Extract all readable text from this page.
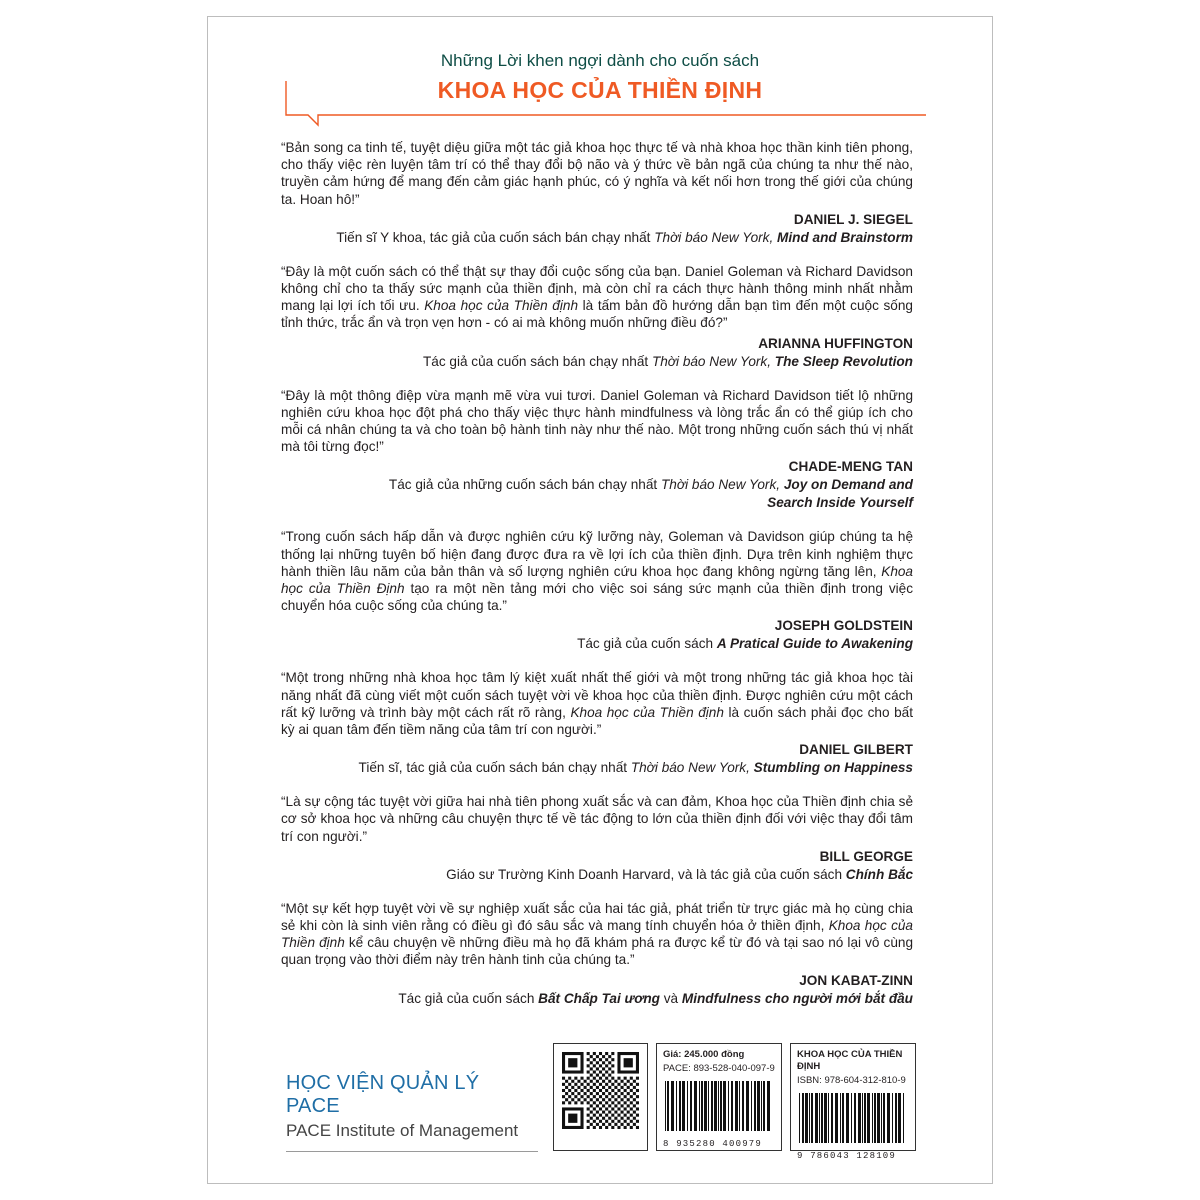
Những Lời khen ngợi dành cho cuốn sách
KHOA HỌC CỦA THIỀN ĐỊNH

“Bản song ca tinh tế, tuyệt diệu giữa một tác giả khoa học thực tế và nhà khoa học thần kinh tiên phong, cho thấy việc rèn luyện tâm trí có thể thay đổi bộ não và ý thức về bản ngã của chúng ta như thế nào, truyền cảm hứng để mang đến cảm giác hạnh phúc, có ý nghĩa và kết nối hơn trong thế giới của chúng ta. Hoan hô!”

DANIEL J. SIEGEL
Tiến sĩ Y khoa, tác giả của cuốn sách bán chạy nhất Thời báo New York, Mind and Brainstorm

“Đây là một cuốn sách có thể thật sự thay đổi cuộc sống của bạn. Daniel Goleman và Richard Davidson không chỉ cho ta thấy sức mạnh của thiền định, mà còn chỉ ra cách thực hành thông minh nhất nhằm mang lại lợi ích tối ưu. Khoa học của Thiền định là tấm bản đồ hướng dẫn bạn tìm đến một cuộc sống tỉnh thức, trắc ẩn và trọn vẹn hơn - có ai mà không muốn những điều đó?”

ARIANNA HUFFINGTON
Tác giả của cuốn sách bán chạy nhất Thời báo New York, The Sleep Revolution

“Đây là một thông điệp vừa mạnh mẽ vừa vui tươi. Daniel Goleman và Richard Davidson tiết lộ những nghiên cứu khoa học đột phá cho thấy việc thực hành mindfulness và lòng trắc ẩn có thể giúp ích cho mỗi cá nhân chúng ta và cho toàn bộ hành tinh này như thế nào. Một trong những cuốn sách thú vị nhất mà tôi từng đọc!”

CHADE-MENG TAN
Tác giả của những cuốn sách bán chạy nhất Thời báo New York, Joy on Demand and Search Inside Yourself

“Trong cuốn sách hấp dẫn và được nghiên cứu kỹ lưỡng này, Goleman và Davidson giúp chúng ta hệ thống lại những tuyên bố hiện đang được đưa ra về lợi ích của thiền định. Dựa trên kinh nghiệm thực hành thiền lâu năm của bản thân và số lượng nghiên cứu khoa học đang không ngừng tăng lên, Khoa học của Thiền Định tạo ra một nền tảng mới cho việc soi sáng sức mạnh của thiền định trong việc chuyển hóa cuộc sống của chúng ta.”

JOSEPH GOLDSTEIN
Tác giả của cuốn sách A Pratical Guide to Awakening

“Một trong những nhà khoa học tâm lý kiệt xuất nhất thế giới và một trong những tác giả khoa học tài năng nhất đã cùng viết một cuốn sách tuyệt vời về khoa học của thiền định. Được nghiên cứu một cách rất kỹ lưỡng và trình bày một cách rất rõ ràng, Khoa học của Thiền định là cuốn sách phải đọc cho bất kỳ ai quan tâm đến tiềm năng của tâm trí con người.”

DANIEL GILBERT
Tiến sĩ, tác giả của cuốn sách bán chạy nhất Thời báo New York, Stumbling on Happiness

“Là sự cộng tác tuyệt vời giữa hai nhà tiên phong xuất sắc và can đảm, Khoa học của Thiền định chia sẻ cơ sở khoa học và những câu chuyện thực tế về tác động to lớn của thiền định đối với việc thay đổi tâm trí con người.”

BILL GEORGE
Giáo sư Trường Kinh Doanh Harvard, và là tác giả của cuốn sách Chính Bắc

“Một sự kết hợp tuyệt vời về sự nghiệp xuất sắc của hai tác giả, phát triển từ trực giác mà họ cùng chia sẻ khi còn là sinh viên rằng có điều gì đó sâu sắc và mang tính chuyển hóa ở thiền định, Khoa học của Thiền định kể câu chuyện về những điều mà họ đã khám phá ra được kể từ đó và tại sao nó lại vô cùng quan trọng vào thời điểm này trên hành tinh của chúng ta.”

JON KABAT-ZINN
Tác giả của cuốn sách Bất Chấp Tai ương và Mindfulness cho người mới bắt đầu
HỌC VIỆN QUẢN LÝ PACE
PACE Institute of Management
Giá: 245.000 đồng
PACE: 893-528-040-097-9
8 935280 400979
KHOA HỌC CỦA THIỀN ĐỊNH
ISBN: 978-604-312-810-9
9 786043 128109
